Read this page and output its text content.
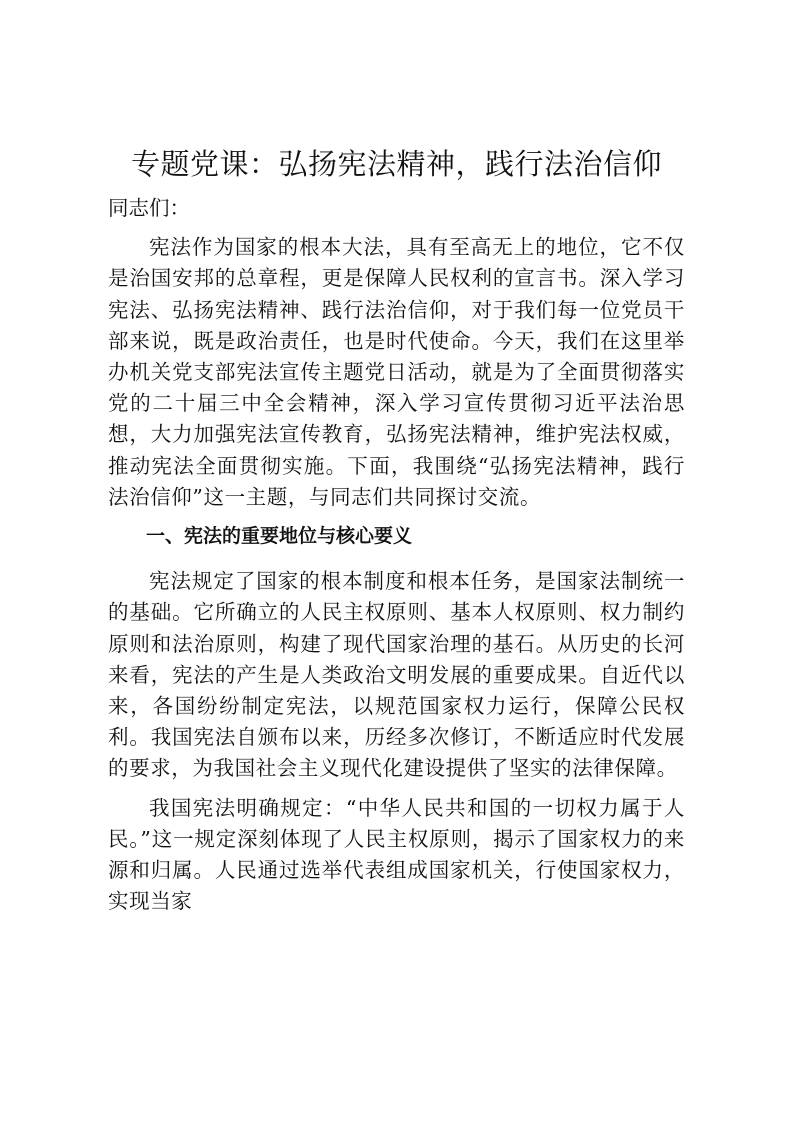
专题党课：弘扬宪法精神，践行法治信仰

同志们：

宪法作为国家的根本大法，具有至高无上的地位，它不仅是治国安邦的总章程，更是保障人民权利的宣言书。深入学习宪法、弘扬宪法精神、践行法治信仰，对于我们每一位党员干部来说，既是政治责任，也是时代使命。今天，我们在这里举办机关党支部宪法宣传主题党日活动，就是为了全面贯彻落实党的二十届三中全会精神，深入学习宣传贯彻习近平法治思想，大力加强宪法宣传教育，弘扬宪法精神，维护宪法权威，推动宪法全面贯彻实施。下面，我围绕“弘扬宪法精神，践行法治信仰”这一主题，与同志们共同探讨交流。

一、宪法的重要地位与核心要义

宪法规定了国家的根本制度和根本任务，是国家法制统一的基础。它所确立的人民主权原则、基本人权原则、权力制约原则和法治原则，构建了现代国家治理的基石。从历史的长河来看，宪法的产生是人类政治文明发展的重要成果。自近代以来，各国纷纷制定宪法，以规范国家权力运行，保障公民权利。我国宪法自颁布以来，历经多次修订，不断适应时代发展的要求，为我国社会主义现代化建设提供了坚实的法律保障。

我国宪法明确规定：“中华人民共和国的一切权力属于人民。”这一规定深刻体现了人民主权原则，揭示了国家权力的来源和归属。人民通过选举代表组成国家机关，行使国家权力，实现当家
